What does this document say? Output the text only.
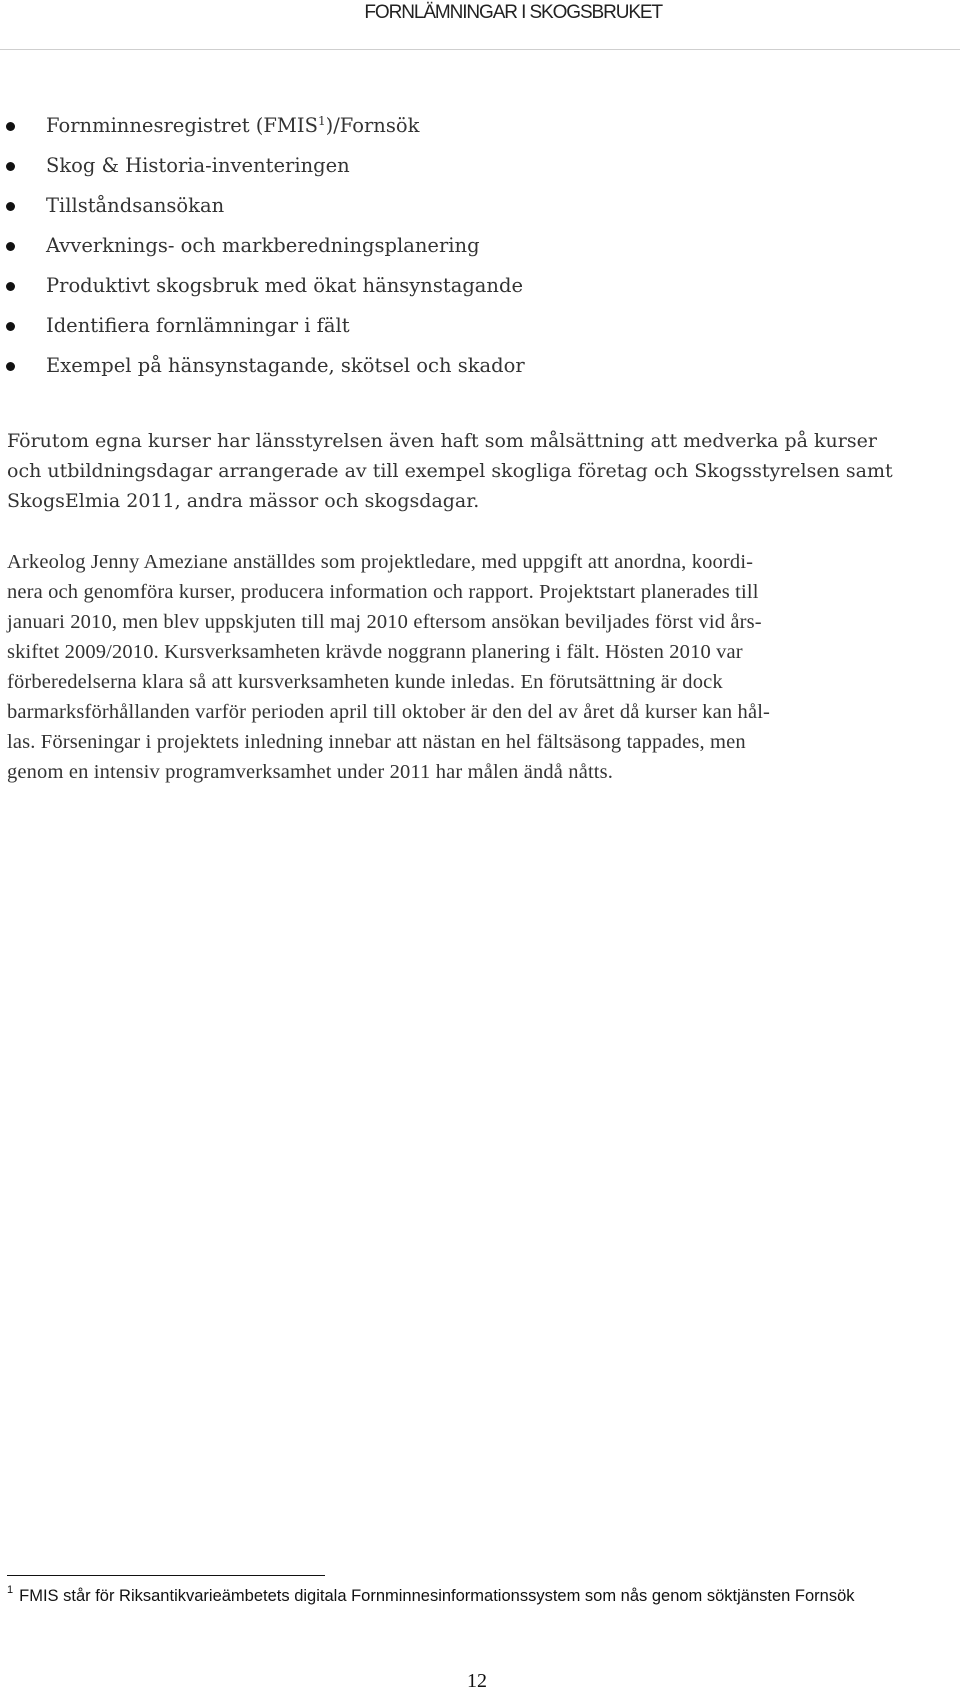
FORNLÄMNINGAR I SKOGSBRUKET
Fornminnesregistret (FMIS$^1$)/Fornsök
Skog & Historia-inventeringen
Tillståndsansökan
Avverknings- och markberedningsplanering
Produktivt skogsbruk med ökat hänsynstagande
Identifiera fornlämningar i fält
Exempel på hänsynstagande, skötsel och skador

Förutom egna kurser har länsstyrelsen även haft som målsättning att medverka på kurser
och utbildningsdagar arrangerade av till exempel skogliga företag och Skogsstyrelsen samt
SkogsElmia 2011, andra mässor och skogsdagar.

Arkeolog Jenny Ameziane anställdes som projektledare, med uppgift att anordna, koordi-
nera och genomföra kurser, producera information och rapport. Projektstart planerades till
januari 2010, men blev uppskjuten till maj 2010 eftersom ansökan beviljades först vid års-
skiftet 2009/2010. Kursverksamheten krävde noggrann planering i fält. Hösten 2010 var
förberedelserna klara så att kursverksamheten kunde inledas. En förutsättning är dock
barmarksförhållanden varför perioden april till oktober är den del av året då kurser kan hål-
las. Förseningar i projektets inledning innebar att nästan en hel fältsäsong tappades, men
genom en intensiv programverksamhet under 2011 har målen ändå nåtts.

$^1$ FMIS står för Riksantikvarieämbetets digitala Fornminnesinformationssystem som nås genom söktjänsten Fornsök
12
